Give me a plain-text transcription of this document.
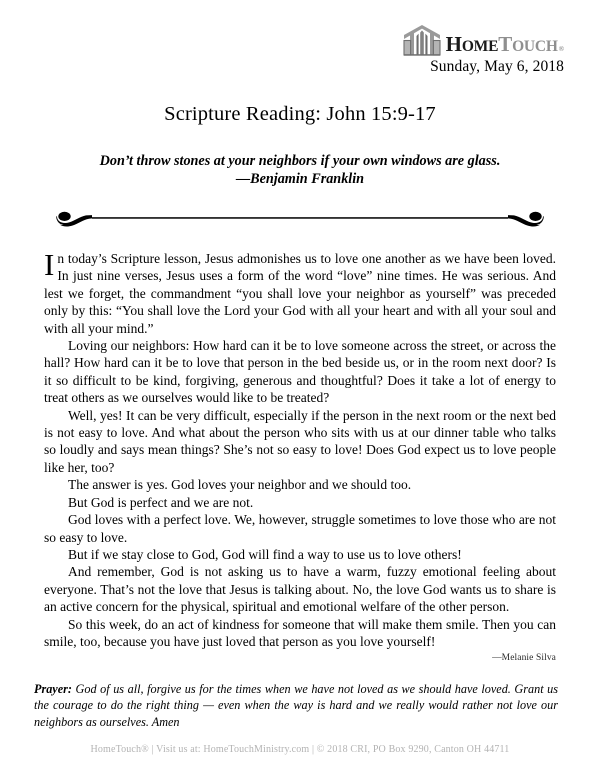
HOME TOUCH ®
Sunday, May 6, 2018
Scripture Reading: John 15:9-17
Don’t throw stones at your neighbors if your own windows are glass.
—Benjamin Franklin

In today’s Scripture lesson, Jesus admonishes us to love one another as we have been loved. In just nine verses, Jesus uses a form of the word “love” nine times. He was serious. And lest we forget, the commandment “you shall love your neighbor as yourself” was preceded only by this: “You shall love the Lord your God with all your heart and with all your soul and with all your mind.”

Loving our neighbors: How hard can it be to love someone across the street, or across the hall? How hard can it be to love that person in the bed beside us, or in the room next door? Is it so difficult to be kind, forgiving, generous and thoughtful? Does it take a lot of energy to treat others as we ourselves would like to be treated?

Well, yes! It can be very difficult, especially if the person in the next room or the next bed is not easy to love. And what about the person who sits with us at our dinner table who talks so loudly and says mean things? She’s not so easy to love! Does God expect us to love people like her, too?

The answer is yes. God loves your neighbor and we should too.

But God is perfect and we are not.

God loves with a perfect love. We, however, struggle sometimes to love those who are not so easy to love.

But if we stay close to God, God will find a way to use us to love others!

And remember, God is not asking us to have a warm, fuzzy emotional feeling about everyone. That’s not the love that Jesus is talking about. No, the love God wants us to share is an active concern for the physical, spiritual and emotional welfare of the other person.

So this week, do an act of kindness for someone that will make them smile. Then you can smile, too, because you have just loved that person as you love yourself!

—Melanie Silva

Prayer: God of us all, forgive us for the times when we have not loved as we should have loved. Grant us the courage to do the right thing — even when the way is hard and we really would rather not love our neighbors as ourselves. Amen
HomeTouch® | Visit us at: HomeTouchMinistry.com | © 2018 CRI, PO Box 9290, Canton OH 44711
